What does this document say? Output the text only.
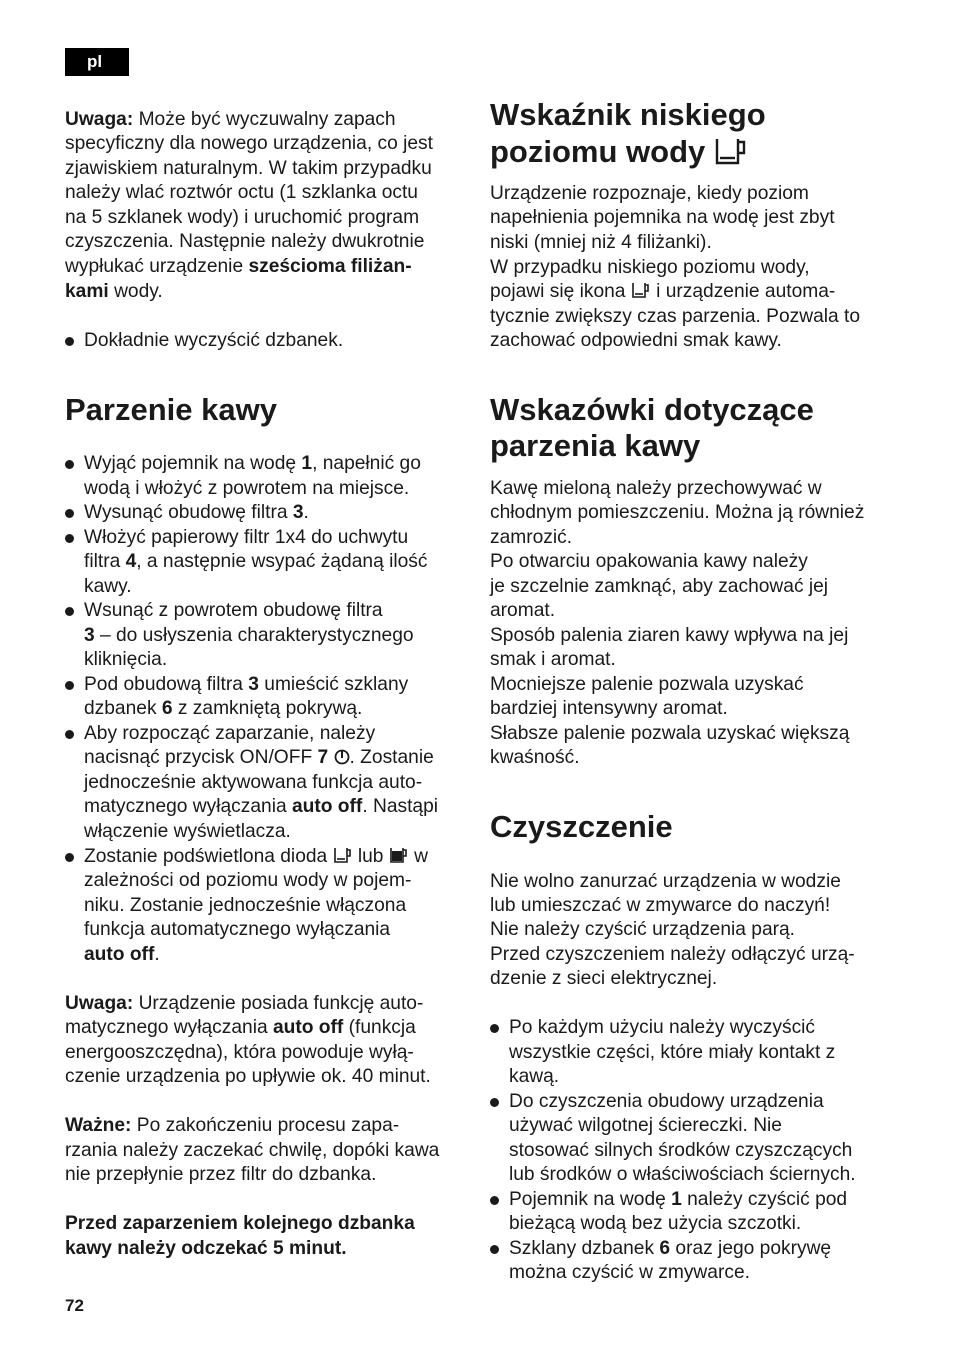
pl

Uwaga: Może być wyczuwalny zapach

specyficzny dla nowego urządzenia, co jest

zjawiskiem naturalnym. W takim przypadku

należy wlać roztwór octu (1 szklanka octu

na 5 szklanek wody) i uruchomić program

czyszczenia. Następnie należy dwukrotnie

wypłukać urządzenie sześcioma filiżan-

kami wody.

Dokładnie wyczyścić dzbanek.

Parzenie kawy

Wyjąć pojemnik na wodę 1, napełnić go

wodą i włożyć z powrotem na miejsce.

Wysunąć obudowę filtra 3.

Włożyć papierowy filtr 1x4 do uchwytu

filtra 4, a następnie wsypać żądaną ilość

kawy.

Wsunąć z powrotem obudowę filtra

3 – do usłyszenia charakterystycznego

kliknięcia.

Pod obudową filtra 3 umieścić szklany

dzbanek 6 z zamkniętą pokrywą.

Aby rozpocząć zaparzanie, należy

nacisnąć przycisk ON/OFF 7 . Zostanie

jednocześnie aktywowana funkcja auto-

matycznego wyłączania auto off. Nastąpi

włączenie wyświetlacza.

Zostanie podświetlona dioda  lub  w

zależności od poziomu wody w pojem-

niku. Zostanie jednocześnie włączona

funkcja automatycznego wyłączania

auto off.

Uwaga: Urządzenie posiada funkcję auto-

matycznego wyłączania auto off (funkcja

energooszczędna), która powoduje wyłą-

czenie urządzenia po upływie ok. 40 minut.

Ważne: Po zakończeniu procesu zapa-

rzania należy zaczekać chwilę, dopóki kawa

nie przepłynie przez filtr do dzbanka.

Przed zaparzeniem kolejnego dzbanka

kawy należy odczekać 5 minut.

Wskaźnik niskiego
poziomu wody

Urządzenie rozpoznaje, kiedy poziom

napełnienia pojemnika na wodę jest zbyt

niski (mniej niż 4 filiżanki).

W przypadku niskiego poziomu wody,

pojawi się ikona  i urządzenie automa-

tycznie zwiększy czas parzenia. Pozwala to

zachować odpowiedni smak kawy.

Wskazówki dotyczące
parzenia kawy

Kawę mieloną należy przechowywać w

chłodnym pomieszczeniu. Można ją również

zamrozić.

Po otwarciu opakowania kawy należy

je szczelnie zamknąć, aby zachować jej

aromat.

Sposób palenia ziaren kawy wpływa na jej

smak i aromat.

Mocniejsze palenie pozwala uzyskać

bardziej intensywny aromat.

Słabsze palenie pozwala uzyskać większą

kwaśność.

Czyszczenie

Nie wolno zanurzać urządzenia w wodzie

lub umieszczać w zmywarce do naczyń!

Nie należy czyścić urządzenia parą.

Przed czyszczeniem należy odłączyć urzą-

dzenie z sieci elektrycznej.

Po każdym użyciu należy wyczyścić

wszystkie części, które miały kontakt z

kawą.

Do czyszczenia obudowy urządzenia

używać wilgotnej ściereczki. Nie

stosować silnych środków czyszczących

lub środków o właściwościach ściernych.

Pojemnik na wodę 1 należy czyścić pod

bieżącą wodą bez użycia szczotki.

Szklany dzbanek 6 oraz jego pokrywę

można czyścić w zmywarce.

72
